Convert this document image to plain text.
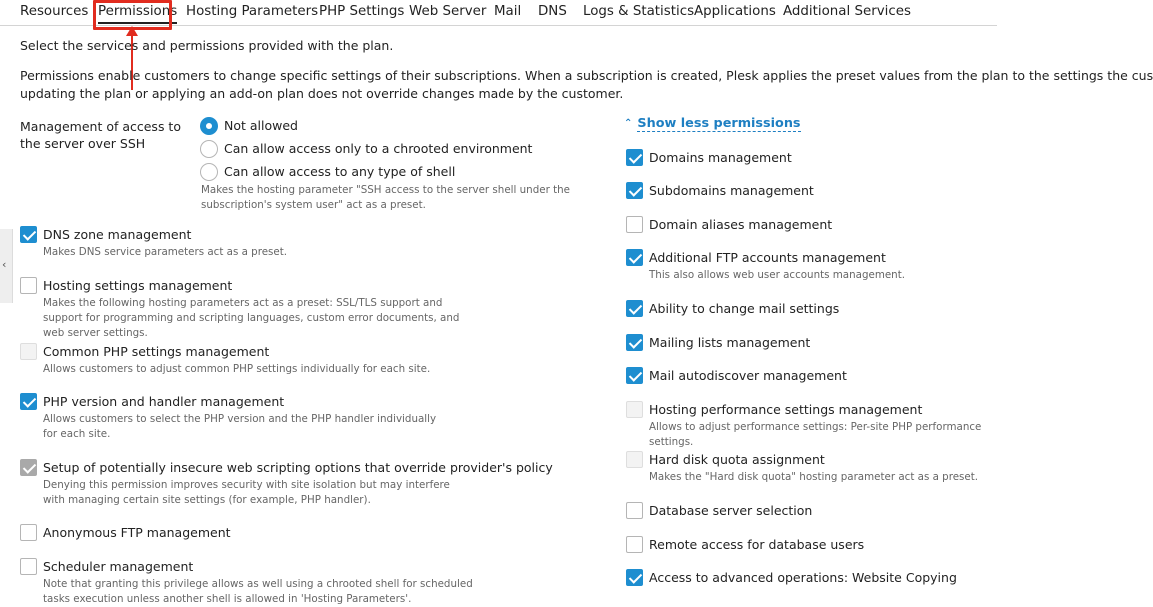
Resources Permissions Hosting Parameters PHP Settings Web Server Mail DNS Logs & Statistics Applications Additional Services
‹
Select the services and permissions provided with the plan.
Permissions enable customers to change specific settings of their subscriptions. When a subscription is created, Plesk applies the preset values from the plan to the settings the cus
updating the plan or applying an add-on plan does not override changes made by the customer.
Management of access to the server over SSH
Not allowed
Can allow access only to a chrooted environment
Can allow access to any type of shell
Makes the hosting parameter "SSH access to the server shell under the subscription's system user" act as a preset.
DNS zone management
Makes DNS service parameters act as a preset.
Hosting settings management
Makes the following hosting parameters act as a preset: SSL/TLS support and support for programming and scripting languages, custom error documents, and web server settings.
Common PHP settings management
Allows customers to adjust common PHP settings individually for each site.
PHP version and handler management
Allows customers to select the PHP version and the PHP handler individually for each site.
Setup of potentially insecure web scripting options that override provider's policy
Denying this permission improves security with site isolation but may interfere with managing certain site settings (for example, PHP handler).
Anonymous FTP management
Scheduler management
Note that granting this privilege allows as well using a chrooted shell for scheduled tasks execution unless another shell is allowed in 'Hosting Parameters'.
⌃ Show less permissions
Domains management
Subdomains management
Domain aliases management
Additional FTP accounts management
This also allows web user accounts management.
Ability to change mail settings
Mailing lists management
Mail autodiscover management
Hosting performance settings management
Allows to adjust performance settings: Per-site PHP performance settings.
Hard disk quota assignment
Makes the "Hard disk quota" hosting parameter act as a preset.
Database server selection
Remote access for database users
Access to advanced operations: Website Copying
